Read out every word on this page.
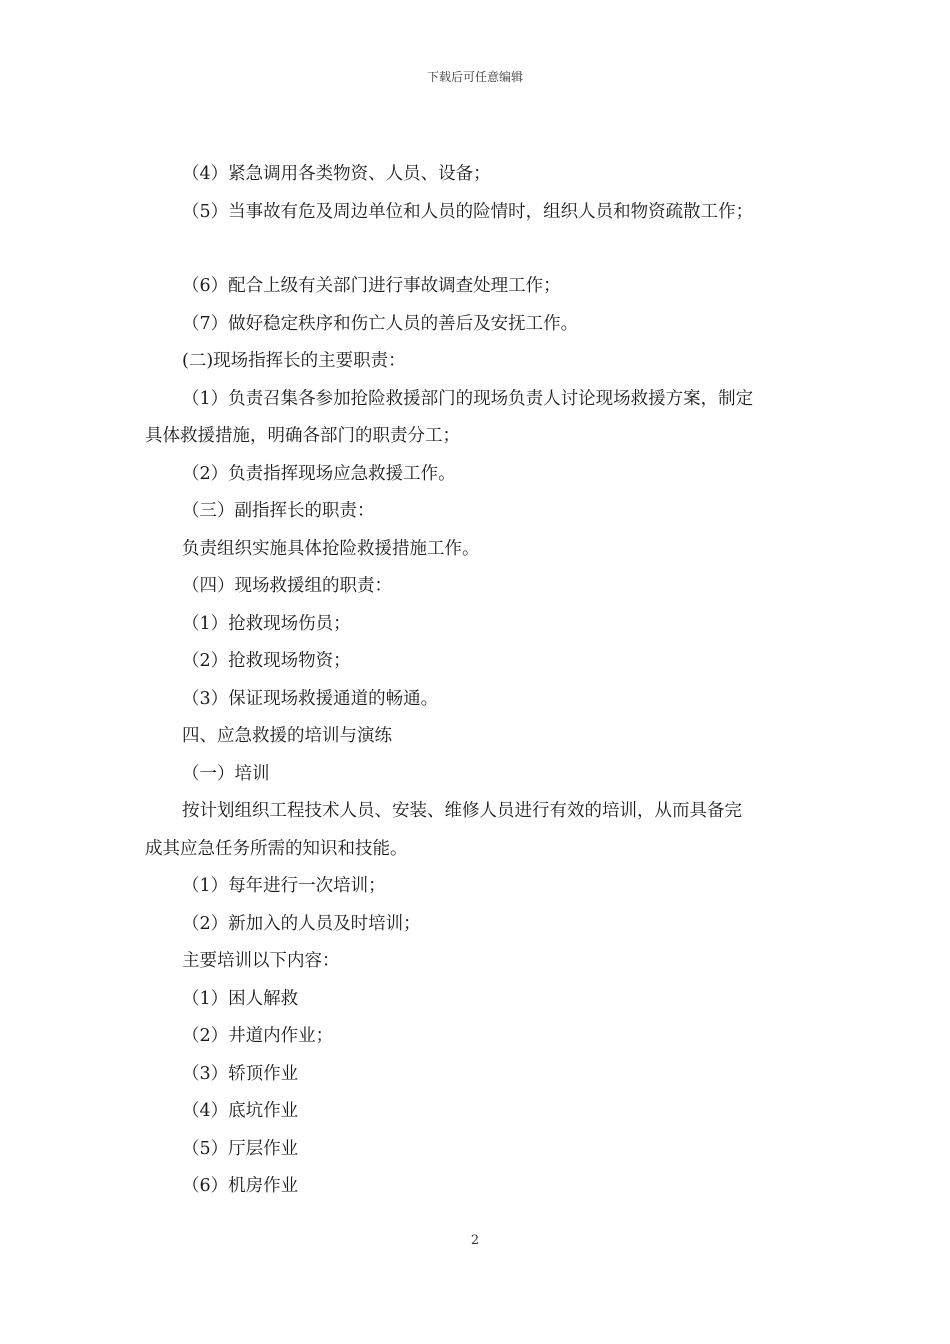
下载后可任意编辑
（4）紧急调用各类物资、人员、设备；
（5）当事故有危及周边单位和人员的险情时，组织人员和物资疏散工作；
（6）配合上级有关部门进行事故调查处理工作；
（7）做好稳定秩序和伤亡人员的善后及安抚工作。
(二)现场指挥长的主要职责：
（1）负责召集各参加抢险救援部门的现场负责人讨论现场救援方案，制定
具体救援措施，明确各部门的职责分工；
（2）负责指挥现场应急救援工作。
（三）副指挥长的职责：
负责组织实施具体抢险救援措施工作。
（四）现场救援组的职责：
（1）抢救现场伤员；
（2）抢救现场物资；
（3）保证现场救援通道的畅通。
四、应急救援的培训与演练
（一）培训
按计划组织工程技术人员、安装、维修人员进行有效的培训，从而具备完
成其应急任务所需的知识和技能。
（1）每年进行一次培训；
（2）新加入的人员及时培训；
主要培训以下内容：
（1）困人解救
（2）井道内作业；
（3）轿顶作业
（4）底坑作业
（5）厅层作业
（6）机房作业
2
